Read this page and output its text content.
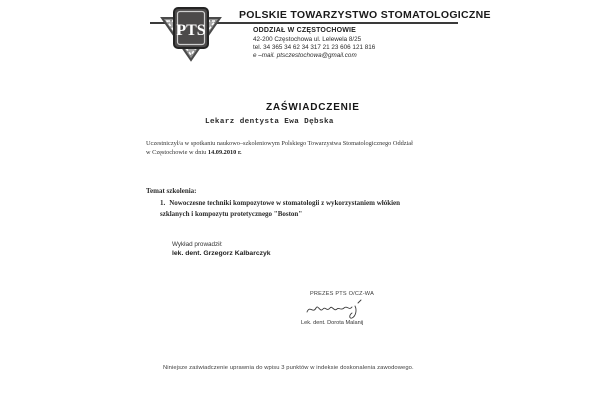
POLSKIE TOWARZYSTWO STOMATOLOGICZNE
PTS	ODDZIAŁ W CZĘSTOCHOWIE
42-200 Częstochowa ul. Lelewela 8/25
tel. 34 365 34 62 34 317 21 23 606 121 816
e –mail. ptsczestochowa@gmail.com
ZAŚWIADCZENIE
Lekarz dentysta Ewa Dębska
Uczestniczył/a w spotkaniu naukowo–szkoleniowym Polskiego Towarzystwa Stomatologicznego Oddział
w Częstochowie w dniu 14.09.2010 r.
Temat szkolenia:
1. Nowoczesne techniki kompozytowe w stomatologii z wykorzystaniem włókien szklanych i kompozytu protetycznego "Boston"
Wykład prowadził:
lek. dent. Grzegorz Kalbarczyk
PREZES PTS O/CZ-WA
Lek. dent. Dorota Malanij
Niniejsze zaświadczenie uprawnia do wpisu 3 punktów w indeksie doskonalenia zawodowego.
